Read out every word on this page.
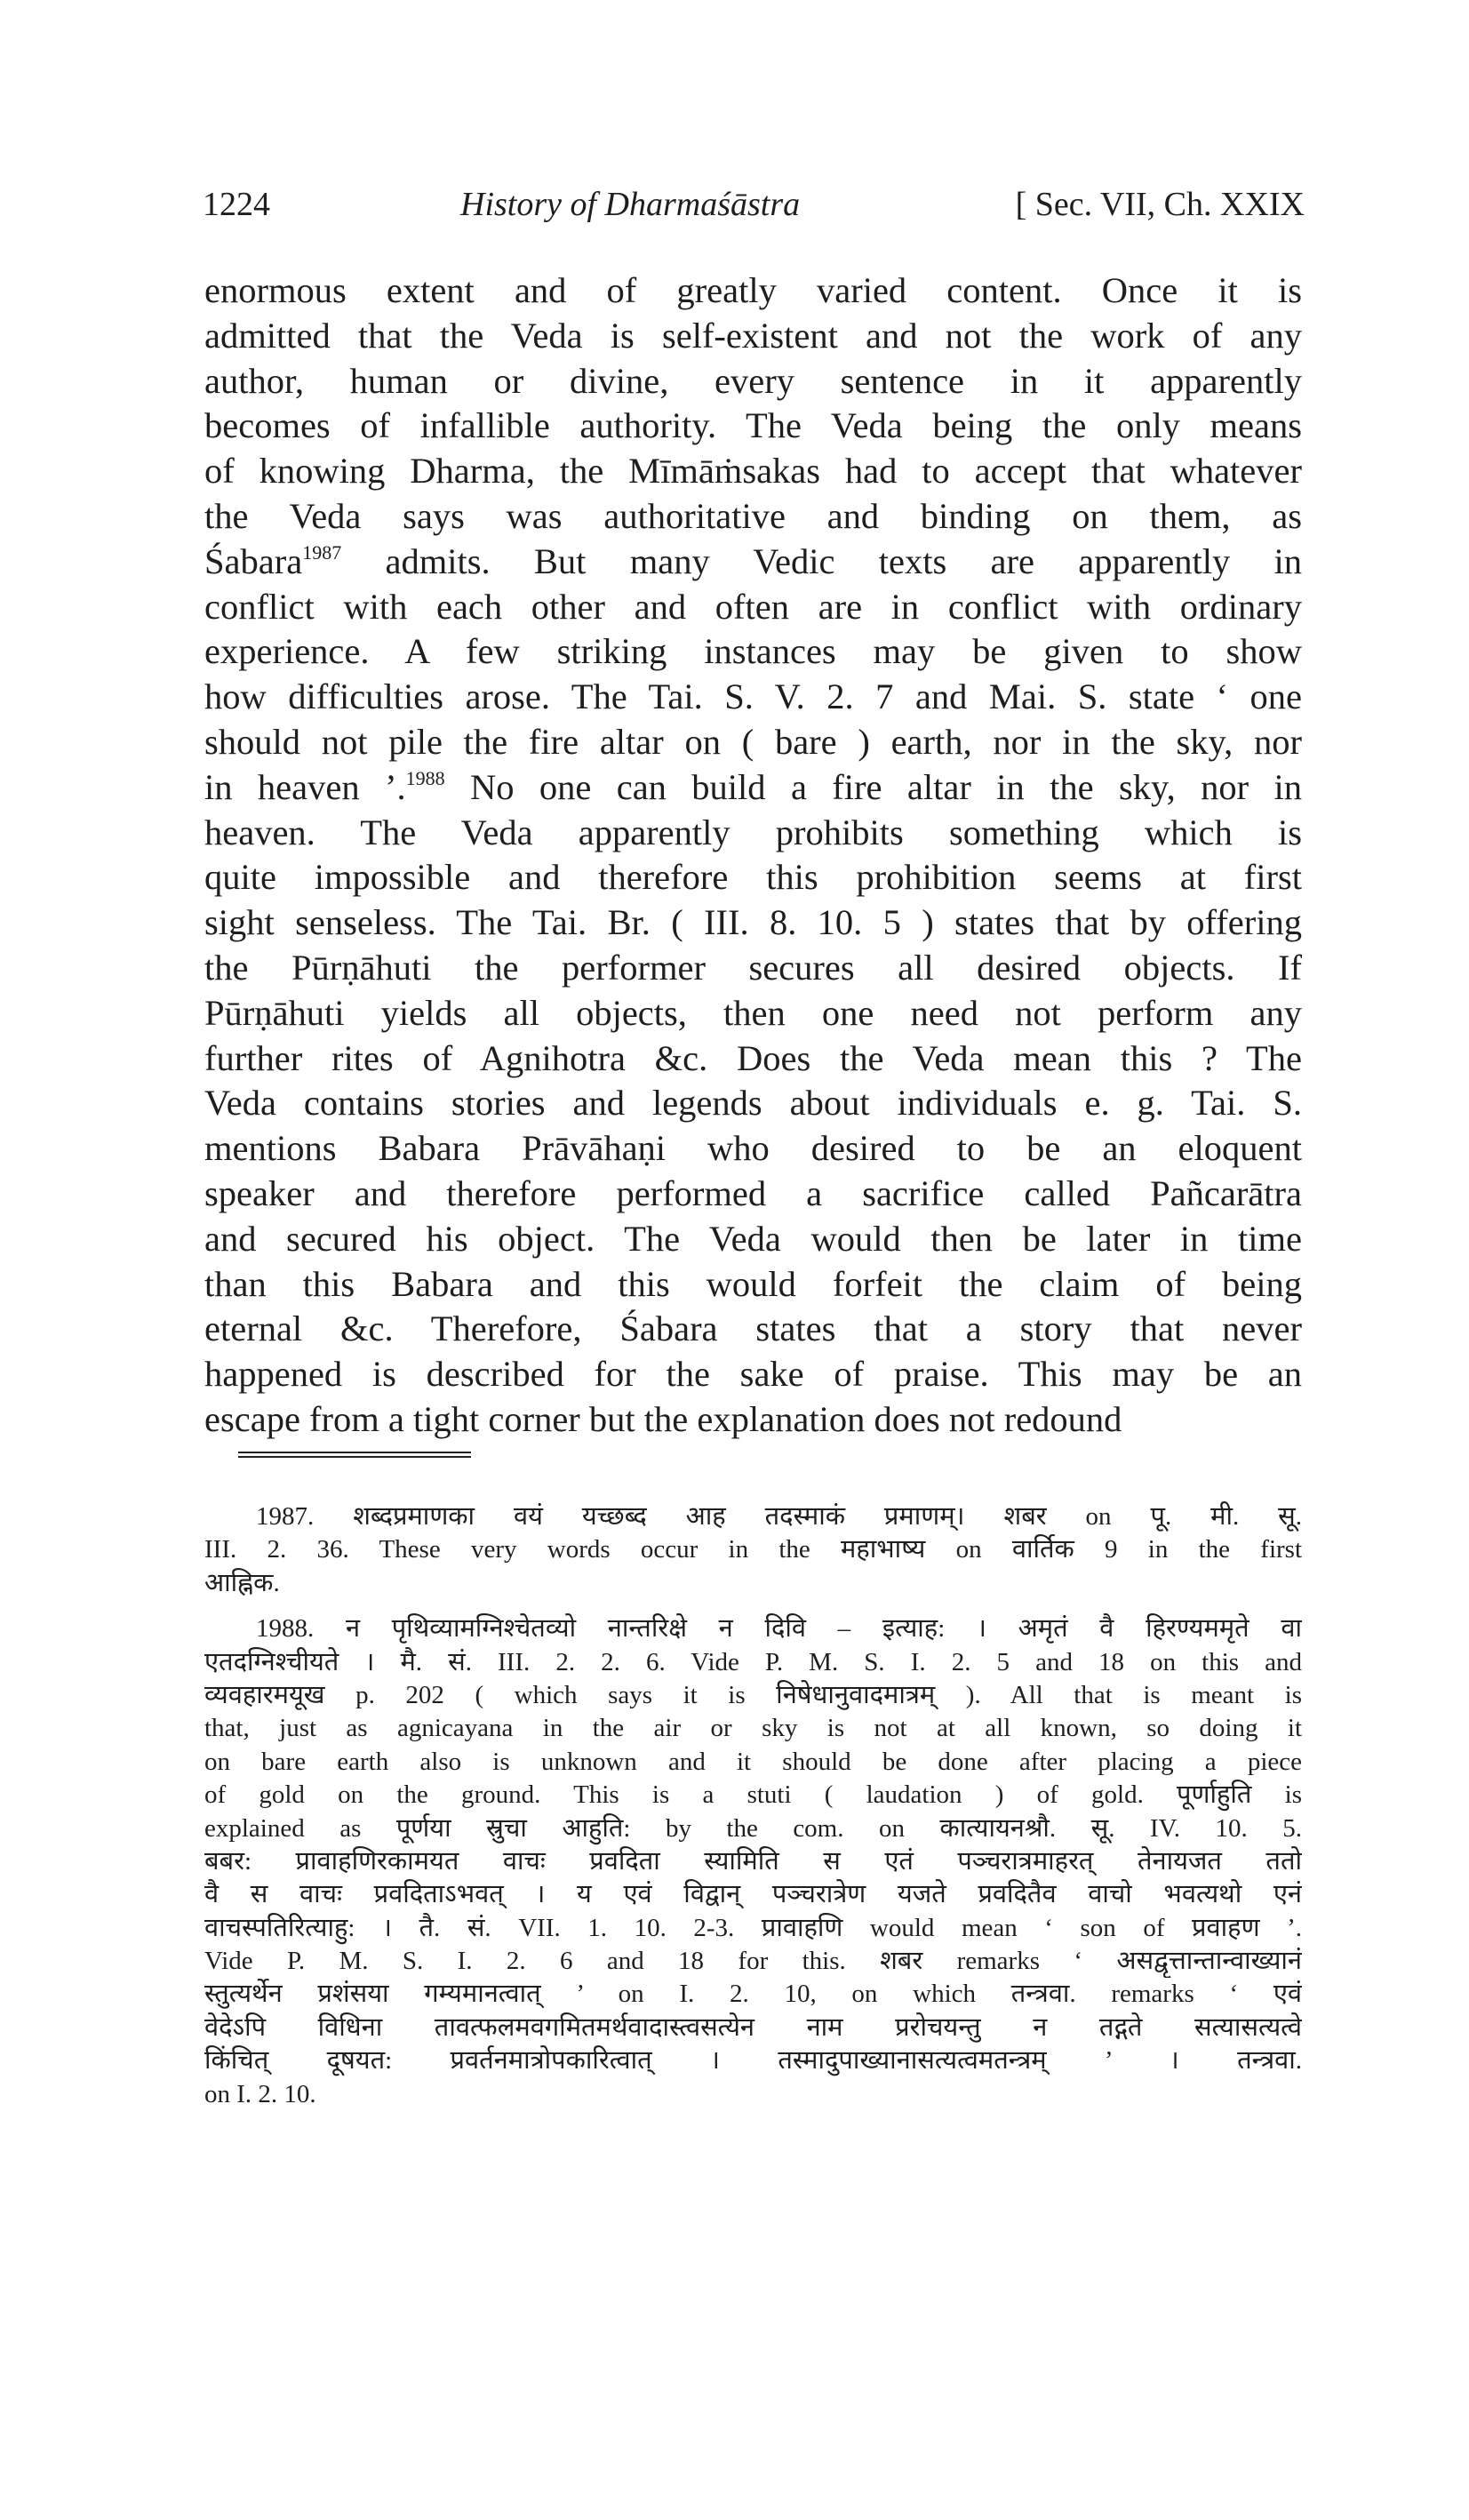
1224	History of Dharmaśāstra	[ Sec. VII, Ch. XXIX
enormous extent and of greatly varied content. Once it is
admitted that the Veda is self-existent and not the work of any
author, human or divine, every sentence in it apparently
becomes of infallible authority. The Veda being the only means
of knowing Dharma, the Mīmāṁsakas had to accept that whatever
the Veda says was authoritative and binding on them, as
Śabara$^{1987}$ admits. But many Vedic texts are apparently in
conflict with each other and often are in conflict with ordinary
experience. A few striking instances may be given to show
how difficulties arose. The Tai. S. V. 2. 7 and Mai. S. state ‘ one
should not pile the fire altar on ( bare ) earth, nor in the sky, nor
in heaven ’.$^{1988}$ No one can build a fire altar in the sky, nor in
heaven. The Veda apparently prohibits something which is
quite impossible and therefore this prohibition seems at first
sight senseless. The Tai. Br. ( III. 8. 10. 5 ) states that by offering
the Pūrṇāhuti the performer secures all desired objects. If
Pūrṇāhuti yields all objects, then one need not perform any
further rites of Agnihotra &c. Does the Veda mean this ? The
Veda contains stories and legends about individuals e. g. Tai. S.
mentions Babara Prāvāhaṇi who desired to be an eloquent
speaker and therefore performed a sacrifice called Pañcarātra
and secured his object. The Veda would then be later in time
than this Babara and this would forfeit the claim of being
eternal &c. Therefore, Śabara states that a story that never
happened is described for the sake of praise. This may be an
escape from a tight corner but the explanation does not redound
1987. शब्दप्रमाणका वयं यच्छब्द आह तदस्माकं प्रमाणम्। शबर on पू. मी. सू.
III. 2. 36. These very words occur in the महाभाष्य on वार्तिक 9 in the first
आह्निक.
1988. न पृथिव्यामग्निश्चेतव्यो नान्तरिक्षे न दिवि – इत्याह: । अमृतं वै हिरण्यममृते वा
एतदग्निश्चीयते । मै. सं. III. 2. 2. 6. Vide P. M. S. I. 2. 5 and 18 on this and
व्यवहारमयूख p. 202 ( which says it is निषेधानुवादमात्रम् ). All that is meant is
that, just as agnicayana in the air or sky is not at all known, so doing it
on bare earth also is unknown and it should be done after placing a piece
of gold on the ground. This is a stuti ( laudation ) of gold. पूर्णाहुति is
explained as पूर्णया स्रुचा आहुति: by the com. on कात्यायनश्रौ. सू. IV. 10. 5.
बबर: प्रावाहणिरकामयत वाचः प्रवदिता स्यामिति स एतं पञ्चरात्रमाहरत् तेनायजत ततो
वै स वाचः प्रवदिताऽभवत् । य एवं विद्वान् पञ्चरात्रेण यजते प्रवदितैव वाचो भवत्यथो एनं
वाचस्पतिरित्याहु: । तै. सं. VII. 1. 10. 2-3. प्रावाहणि would mean ‘ son of प्रवाहण ’.
Vide P. M. S. I. 2. 6 and 18 for this. शबर remarks ‘ असद्वृत्तान्तान्वाख्यानं
स्तुत्यर्थेन प्रशंसया गम्यमानत्वात् ’ on I. 2. 10, on which तन्त्रवा. remarks ‘ एवं
वेदेऽपि विधिना तावत्फलमवगमितमर्थवादास्त्वसत्येन नाम प्ररोचयन्तु न तद्गते सत्यासत्यत्वे
किंचित् दूषयत: प्रवर्तनमात्रोपकारित्वात् । तस्मादुपाख्यानासत्यत्वमतन्त्रम् ’ । तन्त्रवा.
on I. 2. 10.
